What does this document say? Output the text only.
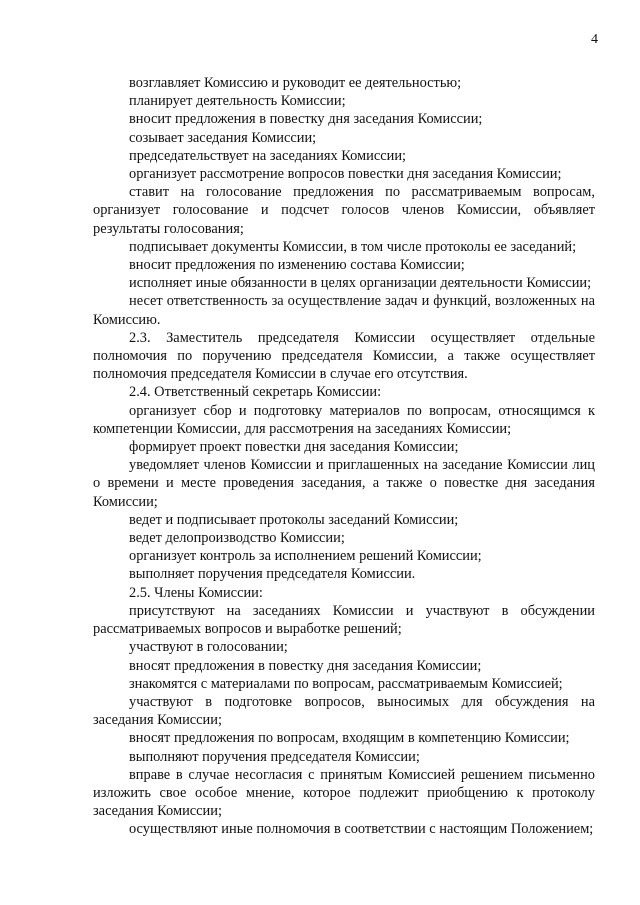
4

возглавляет Комиссию и руководит ее деятельностью;

планирует деятельность Комиссии;

вносит предложения в повестку дня заседания Комиссии;

созывает заседания Комиссии;

председательствует на заседаниях Комиссии;

организует рассмотрение вопросов повестки дня заседания Комиссии;

ставит на голосование предложения по рассматриваемым вопросам, организует голосование и подсчет голосов членов Комиссии, объявляет результаты голосования;

подписывает документы Комиссии, в том числе протоколы ее заседаний;

вносит предложения по изменению состава Комиссии;

исполняет иные обязанности в целях организации деятельности Комиссии;

несет ответственность за осуществление задач и функций, возложенных на Комиссию.

2.3. Заместитель председателя Комиссии осуществляет отдельные полномочия по поручению председателя Комиссии, а также осуществляет полномочия председателя Комиссии в случае его отсутствия.

2.4. Ответственный секретарь Комиссии:

организует сбор и подготовку материалов по вопросам, относящимся к компетенции Комиссии, для рассмотрения на заседаниях Комиссии;

формирует проект повестки дня заседания Комиссии;

уведомляет членов Комиссии и приглашенных на заседание Комиссии лиц о времени и месте проведения заседания, а также о повестке дня заседания Комиссии;

ведет и подписывает протоколы заседаний Комиссии;

ведет делопроизводство Комиссии;

организует контроль за исполнением решений Комиссии;

выполняет поручения председателя Комиссии.

2.5. Члены Комиссии:

присутствуют на заседаниях Комиссии и участвуют в обсуждении рассматриваемых вопросов и выработке решений;

участвуют в голосовании;

вносят предложения в повестку дня заседания Комиссии;

знакомятся с материалами по вопросам, рассматриваемым Комиссией;

участвуют в подготовке вопросов, выносимых для обсуждения на заседания Комиссии;

вносят предложения по вопросам, входящим в компетенцию Комиссии;

выполняют поручения председателя Комиссии;

вправе в случае несогласия с принятым Комиссией решением письменно изложить свое особое мнение, которое подлежит приобщению к протоколу заседания Комиссии;

осуществляют иные полномочия в соответствии с настоящим Положением;
